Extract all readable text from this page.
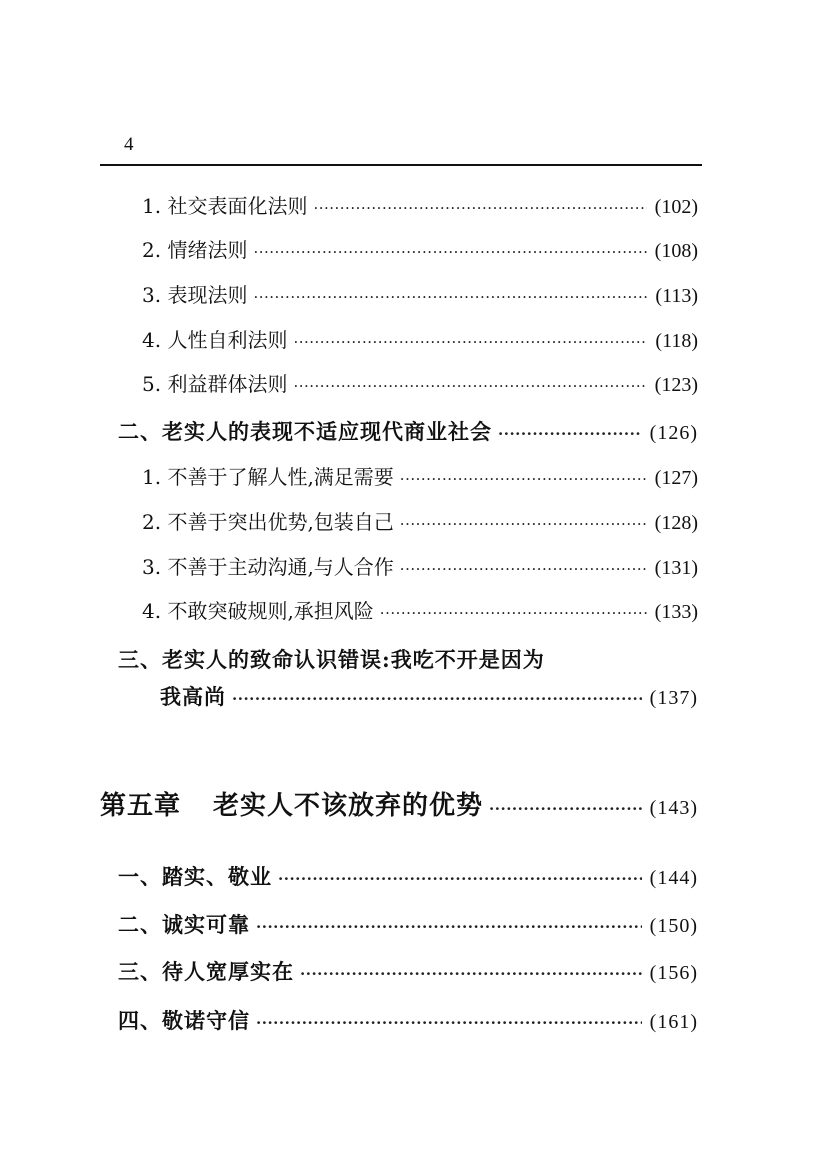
4
1. 社交表面化法则 ·····	(102)
2. 情绪法则 ·····	(108)
3. 表现法则 ·····	(113)
4. 人性自利法则 ·····	(118)
5. 利益群体法则 ·····	(123)
二、老实人的表现不适应现代商业社会 ·····	(126)
1. 不善于了解人性,满足需要 ·····	(127)
2. 不善于突出优势,包装自己 ·····	(128)
3. 不善于主动沟通,与人合作 ·····	(131)
4. 不敢突破规则,承担风险 ·····	(133)
三、老实人的致命认识错误:我吃不开是因为
我高尚 ·····	(137)
第五章 老实人不该放弃的优势 ·····	(143)
一、踏实、敬业 ·····	(144)
二、诚实可靠 ·····	(150)
三、待人宽厚实在 ·····	(156)
四、敬诺守信 ·····	(161)
